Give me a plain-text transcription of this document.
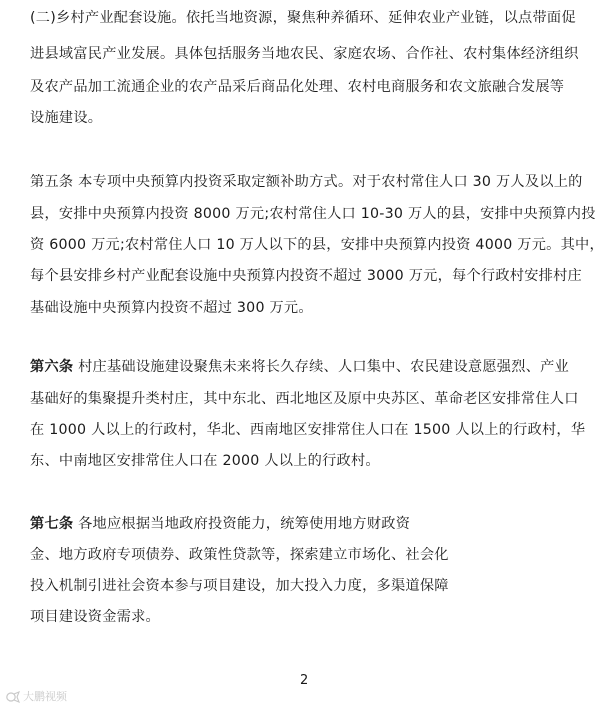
(二)乡村产业配套设施。依托当地资源，聚焦种养循环、延伸农业产业链，以点带面促
进县域富民产业发展。具体包括服务当地农民、家庭农场、合作社、农村集体经济组织
及农产品加工流通企业的农产品采后商品化处理、农村电商服务和农文旅融合发展等
设施建设。
第五条 本专项中央预算内投资采取定额补助方式。对于农村常住人口 30 万人及以上的
县，安排中央预算内投资 8000 万元;农村常住人口 10-30 万人的县，安排中央预算内投
资 6000 万元;农村常住人口 10 万人以下的县，安排中央预算内投资 4000 万元。其中，
每个县安排乡村产业配套设施中央预算内投资不超过 3000 万元，每个行政村安排村庄
基础设施中央预算内投资不超过 300 万元。
第六条 村庄基础设施建设聚焦未来将长久存续、人口集中、农民建设意愿强烈、产业
基础好的集聚提升类村庄，其中东北、西北地区及原中央苏区、革命老区安排常住人口
在 1000 人以上的行政村，华北、西南地区安排常住人口在 1500 人以上的行政村，华
东、中南地区安排常住人口在 2000 人以上的行政村。
第七条 各地应根据当地政府投资能力，统筹使用地方财政资
金、地方政府专项债券、政策性贷款等，探索建立市场化、社会化
投入机制引进社会资本参与项目建设，加大投入力度，多渠道保障
项目建设资金需求。
2
大鹏视频
